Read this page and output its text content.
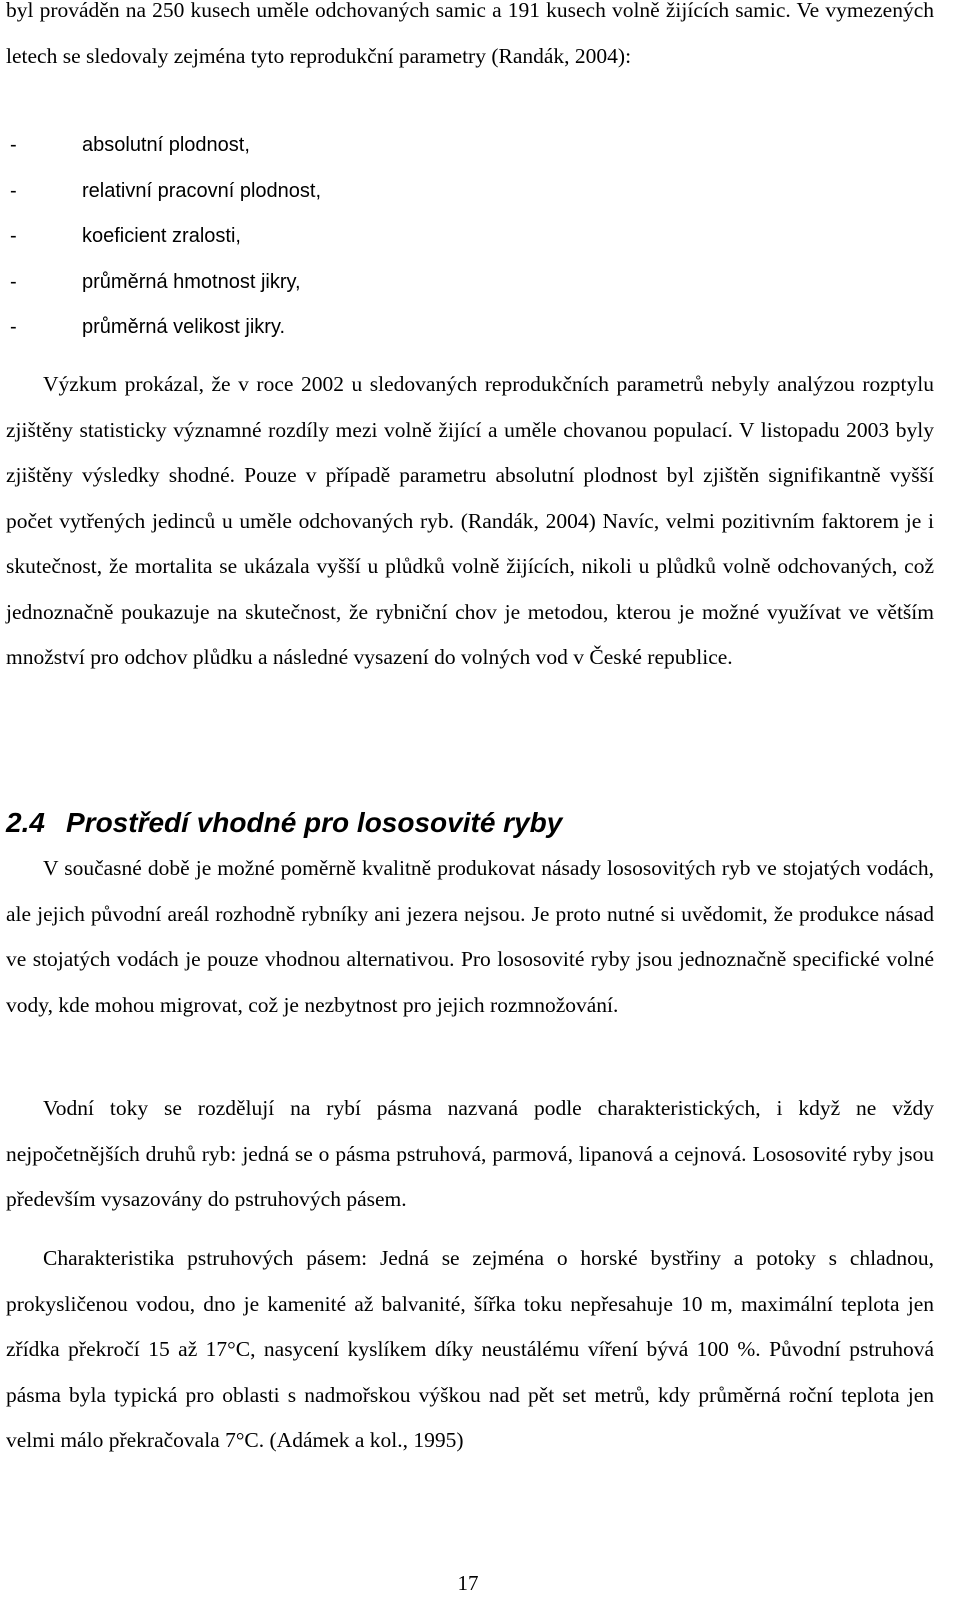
byl prováděn na 250 kusech uměle odchovaných samic a 191 kusech volně žijících samic. Ve vymezených letech se sledovaly zejména tyto reprodukční parametry (Randák, 2004):

-	absolutní plodnost,
-	relativní pracovní plodnost,
-	koeficient zralosti,
-	průměrná hmotnost jikry,
-	průměrná velikost jikry.

Výzkum prokázal, že v roce 2002 u sledovaných reprodukčních parametrů nebyly analýzou rozptylu zjištěny statisticky významné rozdíly mezi volně žijící a uměle chovanou populací. V listopadu 2003 byly zjištěny výsledky shodné. Pouze v případě parametru absolutní plodnost byl zjištěn signifikantně vyšší počet vytřených jedinců u uměle odchovaných ryb. (Randák, 2004) Navíc, velmi pozitivním faktorem je i skutečnost, že mortalita se ukázala vyšší u plůdků volně žijících, nikoli u plůdků volně odchovaných, což jednoznačně poukazuje na skutečnost, že rybniční chov je metodou, kterou je možné využívat ve větším množství pro odchov plůdku a následné vysazení do volných vod v České republice.

2.4 Prostředí vhodné pro lososovité ryby

V současné době je možné poměrně kvalitně produkovat násady lososovitých ryb ve stojatých vodách, ale jejich původní areál rozhodně rybníky ani jezera nejsou. Je proto nutné si uvědomit, že produkce násad ve stojatých vodách je pouze vhodnou alternativou. Pro lososovité ryby jsou jednoznačně specifické volné vody, kde mohou migrovat, což je nezbytnost pro jejich rozmnožování.

Vodní toky se rozdělují na rybí pásma nazvaná podle charakteristických, i když ne vždy nejpočetnějších druhů ryb: jedná se o pásma pstruhová, parmová, lipanová a cejnová. Lososovité ryby jsou především vysazovány do pstruhových pásem.

Charakteristika pstruhových pásem: Jedná se zejména o horské bystřiny a potoky s chladnou, prokysličenou vodou, dno je kamenité až balvanité, šířka toku nepřesahuje 10 m, maximální teplota jen zřídka překročí 15 až 17°C, nasycení kyslíkem díky neustálému víření bývá 100 %. Původní pstruhová pásma byla typická pro oblasti s nadmořskou výškou nad pět set metrů, kdy průměrná roční teplota jen velmi málo překračovala 7°C. (Adámek a kol., 1995)

17
